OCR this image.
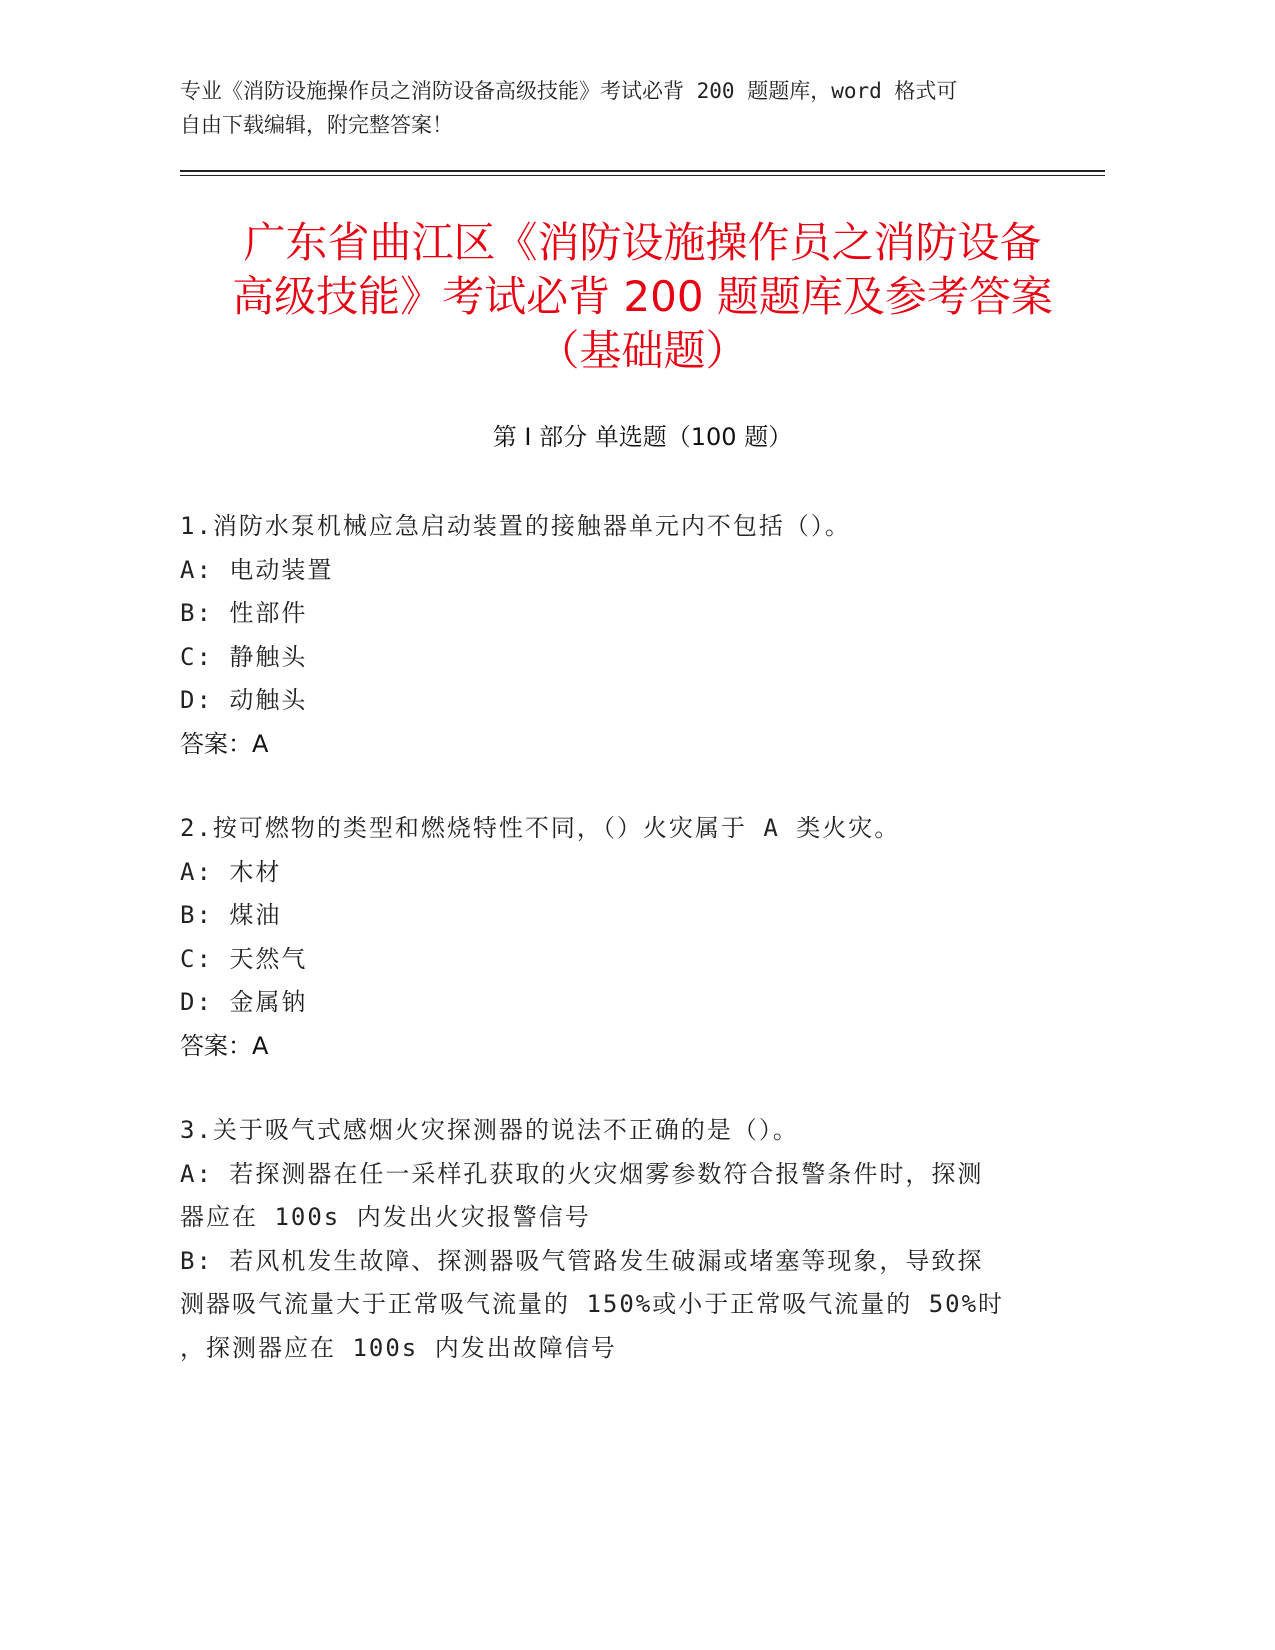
专业《消防设施操作员之消防设备高级技能》考试必背 200 题题库，word 格式可
自由下载编辑，附完整答案！
广东省曲江区《消防设施操作员之消防设备
高级技能》考试必背 200 题题库及参考答案
（基础题）
第 I 部分 单选题（100 题）
1.消防水泵机械应急启动装置的接触器单元内不包括（）。
A: 电动装置
B: 性部件
C: 静触头
D: 动触头
答案：A
2.按可燃物的类型和燃烧特性不同，（）火灾属于 A 类火灾。
A: 木材
B: 煤油
C: 天然气
D: 金属钠
答案：A
3.关于吸气式感烟火灾探测器的说法不正确的是（）。
A: 若探测器在任一采样孔获取的火灾烟雾参数符合报警条件时，探测
器应在 100s 内发出火灾报警信号
B: 若风机发生故障、探测器吸气管路发生破漏或堵塞等现象，导致探
测器吸气流量大于正常吸气流量的 150%或小于正常吸气流量的 50%时
，探测器应在 100s 内发出故障信号
